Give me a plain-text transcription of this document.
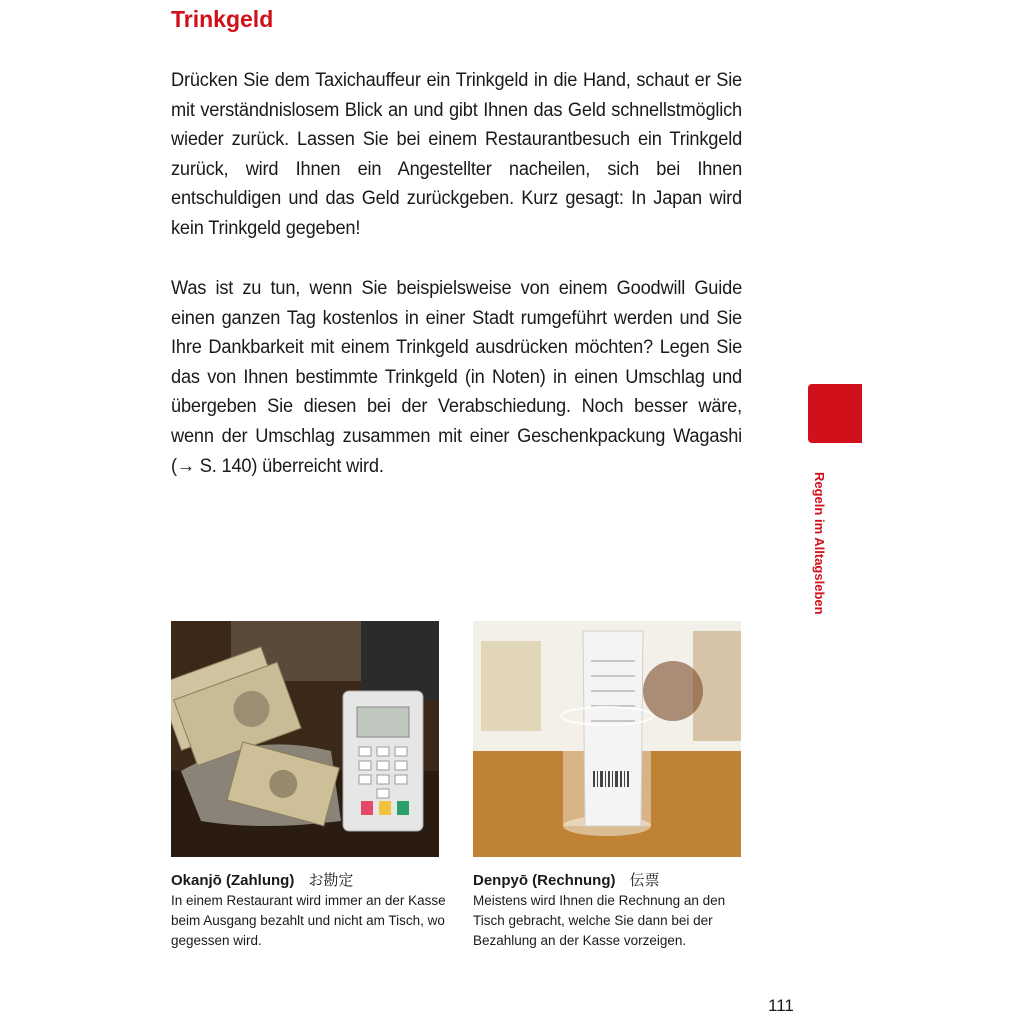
Trinkgeld

Drücken Sie dem Taxichauffeur ein Trinkgeld in die Hand, schaut er Sie mit verständnislosem Blick an und gibt Ihnen das Geld schnellstmöglich wieder zurück. Lassen Sie bei einem Restaurantbesuch ein Trinkgeld zurück, wird Ihnen ein Angestellter nacheilen, sich bei Ihnen entschuldigen und das Geld zurückgeben. Kurz gesagt: In Japan wird kein Trinkgeld gegeben!

Was ist zu tun, wenn Sie beispielsweise von einem Goodwill Guide einen ganzen Tag kostenlos in einer Stadt rumgeführt werden und Sie Ihre Dankbarkeit mit einem Trinkgeld ausdrücken möchten? Legen Sie das von Ihnen bestimmte Trinkgeld (in Noten) in einen Umschlag und übergeben Sie diesen bei der Verabschiedung. Noch besser wäre, wenn der Umschlag zusammen mit einer Geschenkpackung Wagashi (→ S. 140) überreicht wird.

Regeln im Alltagsleben
Okanjō (Zahlung) お勘定
In einem Restaurant wird immer an der Kasse beim Ausgang bezahlt und nicht am Tisch, wo gegessen wird.
Denpyō (Rechnung) 伝票
Meistens wird Ihnen die Rechnung an den Tisch gebracht, welche Sie dann bei der Bezahlung an der Kasse vorzeigen.
111
